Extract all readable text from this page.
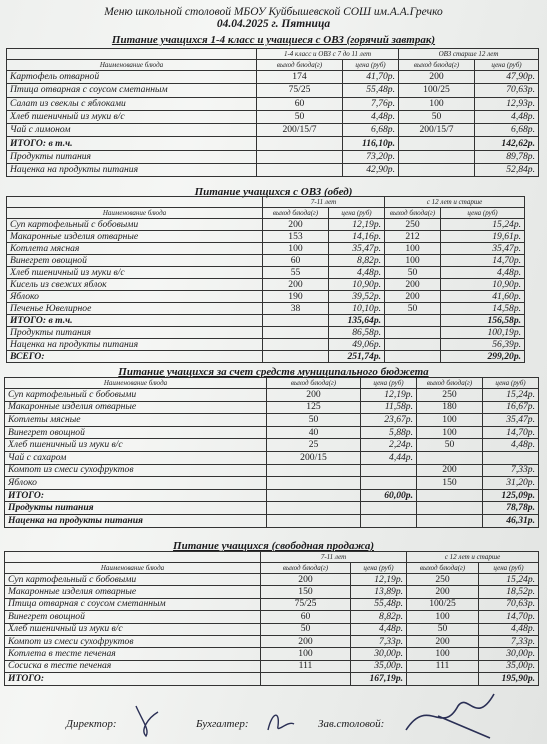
Меню школьной столовой МБОУ Куйбышевской СОШ им.А.А.Гречко
04.04.2025 г. Пятница
Питание учащихся 1-4 класс и учащиеся с ОВЗ (горячий завтрак)
	1-4 класс и ОВЗ с 7 до 11 лет		ОВЗ старше 12 лет	
Наименование блюда	выход блюда(г)	цена (руб)	выход блюда(г)	цена (руб)
Картофель отварной	174	41,70р.	200	47,90р.
Птица отварная с соусом сметанным	75/25	55,48р.	100/25	70,63р.
Салат из свеклы с яблоками	60	7,76р.	100	12,93р.
Хлеб пшеничный из муки в/с	50	4,48р.	50	4,48р.
Чай с лимоном	200/15/7	6,68р.	200/15/7	6,68р.
ИТОГО: в т.ч.		116,10р.		142,62р.
Продукты питания		73,20р.		89,78р.
Наценка на продукты питания		42,90р.		52,84р.
Питание учащихся с ОВЗ (обед)
	7-11 лет		с 12 лет и старше	
Наименование блюда	выход блюда(г)	цена (руб)	выход блюда(г)	цена (руб)
Суп картофельный с бобовыми	200	12,19р.	250	15,24р.
Макаронные изделия отварные	153	14,16р.	212	19,61р.
Котлета мясная	100	35,47р.	100	35,47р.
Винегрет овощной	60	8,82р.	100	14,70р.
Хлеб пшеничный из муки в/с	55	4,48р.	50	4,48р.
Кисель из свежих яблок	200	10,90р.	200	10,90р.
Яблоко	190	39,52р.	200	41,60р.
Печенье Ювелирное	38	10,10р.	50	14,58р.
ИТОГО: в т.ч.		135,64р.		156,58р.
Продукты питания		86,58р.		100,19р.
Наценка на продукты питания		49,06р.		56,39р.
ВСЕГО:		251,74р.		299,20р.
Питание учащихся за счет средств муниципального бюджета
Наименование блюда	выход блюда(г)	цена (руб)	выход блюда(г)	цена (руб)
Суп картофельный с бобовыми	200	12,19р.	250	15,24р.
Макаронные изделия отварные	125	11,58р.	180	16,67р.
Котлеты мясные	50	23,67р.	100	35,47р.
Винегрет овощной	40	5,88р.	100	14,70р.
Хлеб пшеничный из муки в/с	25	2,24р.	50	4,48р.
Чай с сахаром	200/15	4,44р.		
Компот из смеси сухофруктов			200	7,33р.
Яблоко			150	31,20р.
ИТОГО:		60,00р.		125,09р.
Продукты питания				78,78р.
Наценка на продукты питания				46,31р.
Питание учащихся (свободная продажа)
	7-11 лет		с 12 лет и старше	
Наименование блюда	выход блюда(г)	цена (руб)	выход блюда(г)	цена (руб)
Суп картофельный с бобовыми	200	12,19р.	250	15,24р.
Макаронные изделия отварные	150	13,89р.	200	18,52р.
Птица отварная с соусом сметанным	75/25	55,48р.	100/25	70,63р.
Винегрет овощной	60	8,82р.	100	14,70р.
Хлеб пшеничный из муки в/с	50	4,48р.	50	4,48р.
Компот из смеси сухофруктов	200	7,33р.	200	7,33р.
Котлета в тесте печеная	100	30,00р.	100	30,00р.
Сосиска в тесте печеная	111	35,00р.	111	35,00р.
ИТОГО:		167,19р.		195,90р.
Директор:	Бухгалтер:	Зав.столовой:
